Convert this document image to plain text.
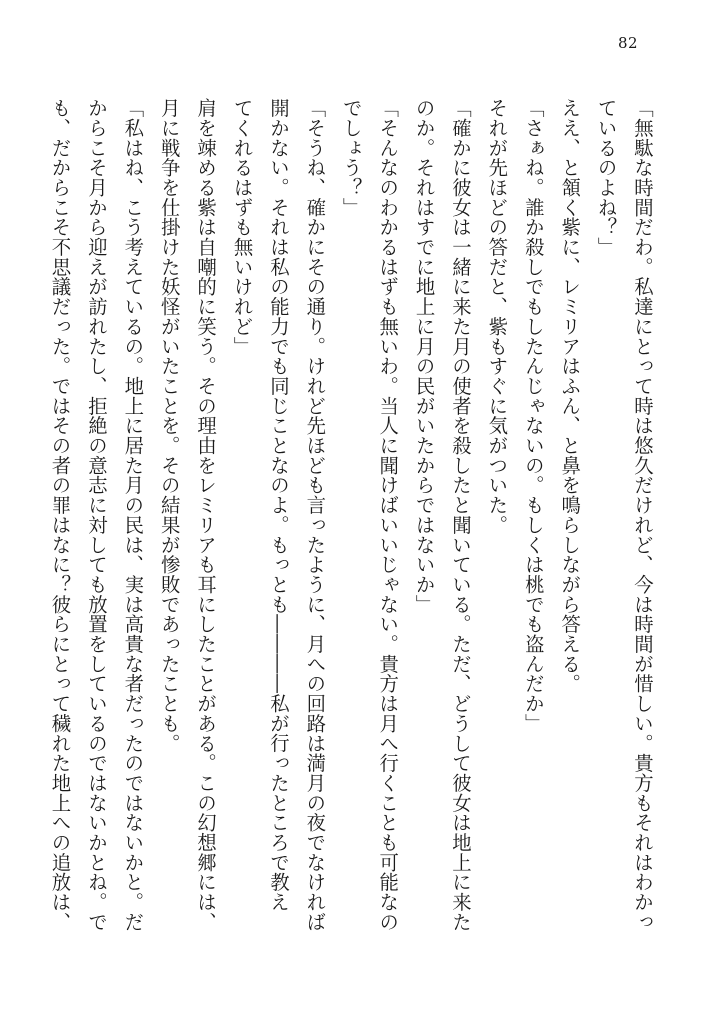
82
「無駄な時間だわ。私達にとって時は悠久だけれど、今は時間が惜しい。貴方もそれはわかっ
ているのよね？」
ええ、と頷く紫に、レミリアはふん、と鼻を鳴らしながら答える。
「さぁね。誰か殺しでもしたんじゃないの。もしくは桃でも盗んだか」
それが先ほどの答だと、紫もすぐに気がついた。
「確かに彼女は一緒に来た月の使者を殺したと聞いている。ただ、どうして彼女は地上に来た
のか。それはすでに地上に月の民がいたからではないか」
「そんなのわかるはずも無いわ。当人に聞けばいいじゃない。貴方は月へ行くことも可能なの
でしょう？」
「そうね、確かにその通り。けれど先ほども言ったように、月への回路は満月の夜でなければ
開かない。それは私の能力でも同じことなのよ。もっとも――――私が行ったところで教え
てくれるはずも無いけれど」
肩を竦める紫は自嘲的に笑う。その理由をレミリアも耳にしたことがある。この幻想郷には、
月に戦争を仕掛けた妖怪がいたことを。その結果が惨敗であったことも。
「私はね、こう考えているの。地上に居た月の民は、実は高貴な者だったのではないかと。だ
からこそ月から迎えが訪れたし、拒絶の意志に対しても放置をしているのではないかとね。で
も、だからこそ不思議だった。ではその者の罪はなに？彼らにとって穢れた地上への追放は、
